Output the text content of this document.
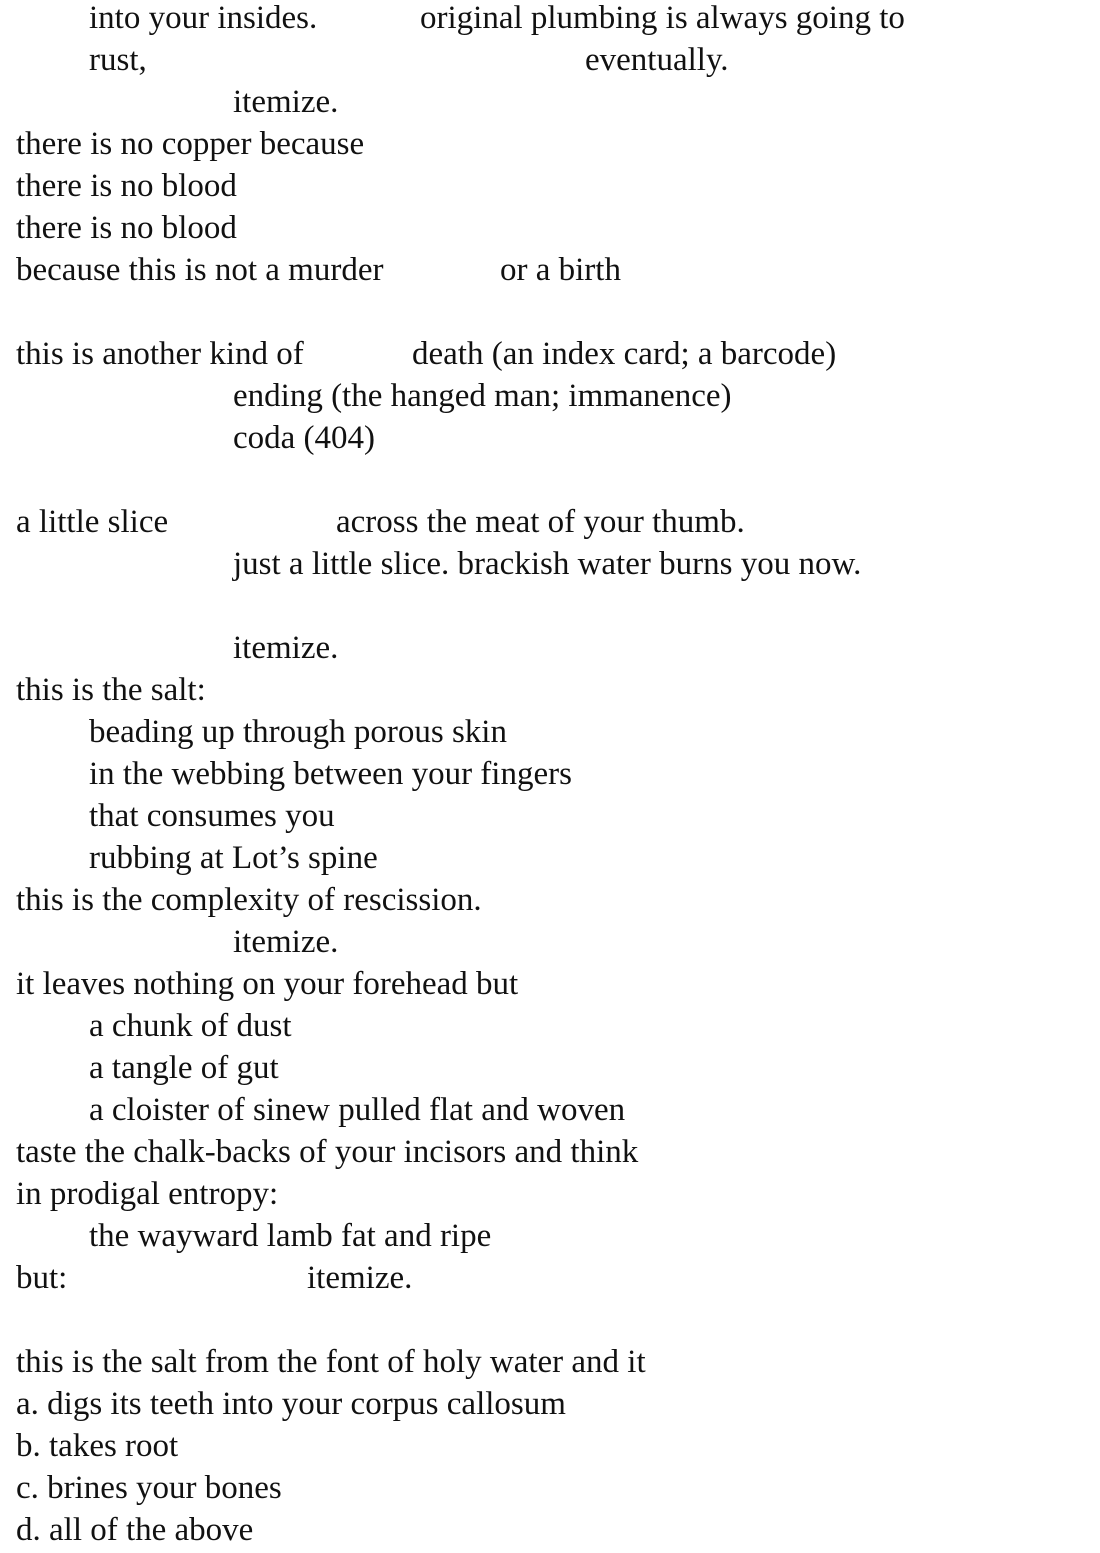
into your insides.	original plumbing is always going to
rust,	eventually.
itemize.
there is no copper because
there is no blood
there is no blood
because this is not a murder	or a birth
this is another kind of	death (an index card; a barcode)
ending (the hanged man; immanence)
coda (404)
a little slice	across the meat of your thumb.
just a little slice. brackish water burns you now.
itemize.
this is the salt:
beading up through porous skin
in the webbing between your fingers
that consumes you
rubbing at Lot’s spine
this is the complexity of rescission.
itemize.
it leaves nothing on your forehead but
a chunk of dust
a tangle of gut
a cloister of sinew pulled flat and woven
taste the chalk-backs of your incisors and think
in prodigal entropy:
the wayward lamb fat and ripe
but:	itemize.
this is the salt from the font of holy water and it
a. digs its teeth into your corpus callosum
b. takes root
c. brines your bones
d. all of the above
